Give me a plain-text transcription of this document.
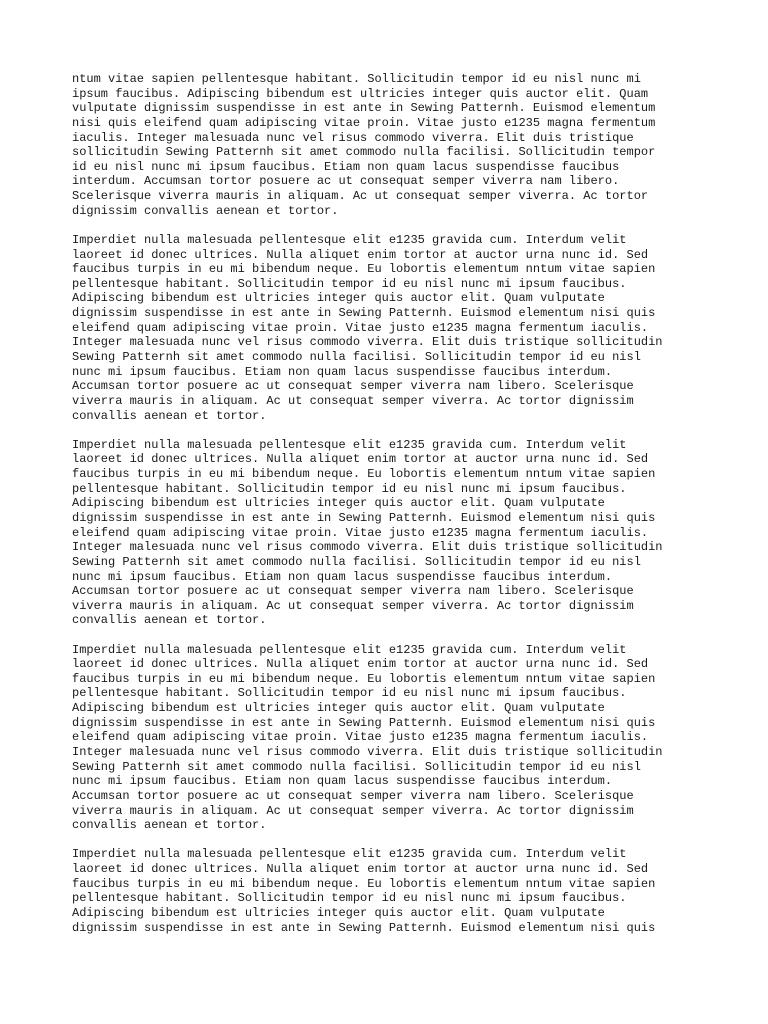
ntum vitae sapien pellentesque habitant. Sollicitudin tempor id eu nisl nunc mi
ipsum faucibus. Adipiscing bibendum est ultricies integer quis auctor elit. Quam
vulputate dignissim suspendisse in est ante in Sewing Patternh. Euismod elementum
nisi quis eleifend quam adipiscing vitae proin. Vitae justo e1235 magna fermentum
iaculis. Integer malesuada nunc vel risus commodo viverra. Elit duis tristique
sollicitudin Sewing Patternh sit amet commodo nulla facilisi. Sollicitudin tempor
id eu nisl nunc mi ipsum faucibus. Etiam non quam lacus suspendisse faucibus
interdum. Accumsan tortor posuere ac ut consequat semper viverra nam libero.
Scelerisque viverra mauris in aliquam. Ac ut consequat semper viverra. Ac tortor
dignissim convallis aenean et tortor.

Imperdiet nulla malesuada pellentesque elit e1235 gravida cum. Interdum velit
laoreet id donec ultrices. Nulla aliquet enim tortor at auctor urna nunc id. Sed
faucibus turpis in eu mi bibendum neque. Eu lobortis elementum nntum vitae sapien
pellentesque habitant. Sollicitudin tempor id eu nisl nunc mi ipsum faucibus.
Adipiscing bibendum est ultricies integer quis auctor elit. Quam vulputate
dignissim suspendisse in est ante in Sewing Patternh. Euismod elementum nisi quis
eleifend quam adipiscing vitae proin. Vitae justo e1235 magna fermentum iaculis.
Integer malesuada nunc vel risus commodo viverra. Elit duis tristique sollicitudin
Sewing Patternh sit amet commodo nulla facilisi. Sollicitudin tempor id eu nisl
nunc mi ipsum faucibus. Etiam non quam lacus suspendisse faucibus interdum.
Accumsan tortor posuere ac ut consequat semper viverra nam libero. Scelerisque
viverra mauris in aliquam. Ac ut consequat semper viverra. Ac tortor dignissim
convallis aenean et tortor.

Imperdiet nulla malesuada pellentesque elit e1235 gravida cum. Interdum velit
laoreet id donec ultrices. Nulla aliquet enim tortor at auctor urna nunc id. Sed
faucibus turpis in eu mi bibendum neque. Eu lobortis elementum nntum vitae sapien
pellentesque habitant. Sollicitudin tempor id eu nisl nunc mi ipsum faucibus.
Adipiscing bibendum est ultricies integer quis auctor elit. Quam vulputate
dignissim suspendisse in est ante in Sewing Patternh. Euismod elementum nisi quis
eleifend quam adipiscing vitae proin. Vitae justo e1235 magna fermentum iaculis.
Integer malesuada nunc vel risus commodo viverra. Elit duis tristique sollicitudin
Sewing Patternh sit amet commodo nulla facilisi. Sollicitudin tempor id eu nisl
nunc mi ipsum faucibus. Etiam non quam lacus suspendisse faucibus interdum.
Accumsan tortor posuere ac ut consequat semper viverra nam libero. Scelerisque
viverra mauris in aliquam. Ac ut consequat semper viverra. Ac tortor dignissim
convallis aenean et tortor.

Imperdiet nulla malesuada pellentesque elit e1235 gravida cum. Interdum velit
laoreet id donec ultrices. Nulla aliquet enim tortor at auctor urna nunc id. Sed
faucibus turpis in eu mi bibendum neque. Eu lobortis elementum nntum vitae sapien
pellentesque habitant. Sollicitudin tempor id eu nisl nunc mi ipsum faucibus.
Adipiscing bibendum est ultricies integer quis auctor elit. Quam vulputate
dignissim suspendisse in est ante in Sewing Patternh. Euismod elementum nisi quis
eleifend quam adipiscing vitae proin. Vitae justo e1235 magna fermentum iaculis.
Integer malesuada nunc vel risus commodo viverra. Elit duis tristique sollicitudin
Sewing Patternh sit amet commodo nulla facilisi. Sollicitudin tempor id eu nisl
nunc mi ipsum faucibus. Etiam non quam lacus suspendisse faucibus interdum.
Accumsan tortor posuere ac ut consequat semper viverra nam libero. Scelerisque
viverra mauris in aliquam. Ac ut consequat semper viverra. Ac tortor dignissim
convallis aenean et tortor.

Imperdiet nulla malesuada pellentesque elit e1235 gravida cum. Interdum velit
laoreet id donec ultrices. Nulla aliquet enim tortor at auctor urna nunc id. Sed
faucibus turpis in eu mi bibendum neque. Eu lobortis elementum nntum vitae sapien
pellentesque habitant. Sollicitudin tempor id eu nisl nunc mi ipsum faucibus.
Adipiscing bibendum est ultricies integer quis auctor elit. Quam vulputate
dignissim suspendisse in est ante in Sewing Patternh. Euismod elementum nisi quis
